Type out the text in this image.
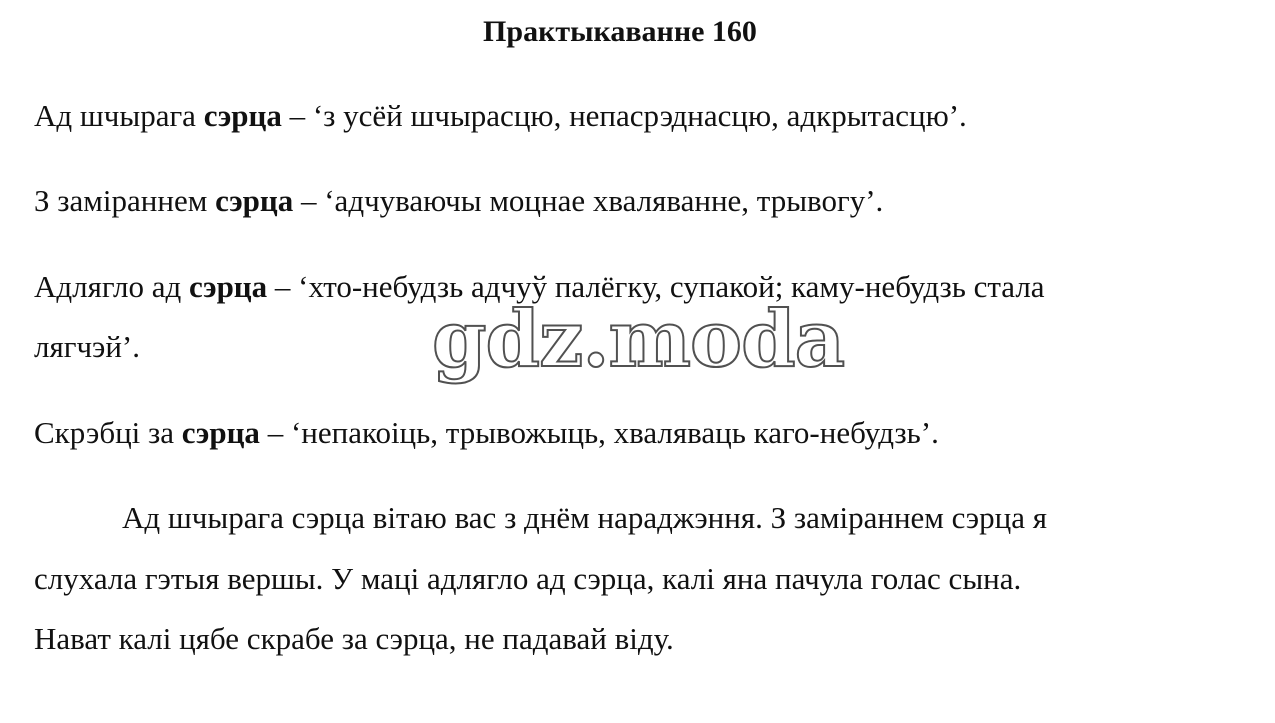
Практыкаванне 160
Ад шчырага сэрца – ‘з усёй шчырасцю, непасрэднасцю, адкрытасцю’.
З заміраннем сэрца – ‘адчуваючы моцнае хваляванне, трывогу’.
Адлягло ад сэрца – ‘хто-небудзь адчуў палёгку, супакой; каму-небудзь стала
лягчэй’.
Скрэбці за сэрца – ‘непакоіць, трывожыць, хваляваць каго-небудзь’.
Ад шчырага сэрца вітаю вас з днём нараджэння. З заміраннем сэрца я
слухала гэтыя вершы. У маці адлягло ад сэрца, калі яна пачула голас сына.
Нават калі цябе скрабе за сэрца, не падавай віду.
gdz.moda
